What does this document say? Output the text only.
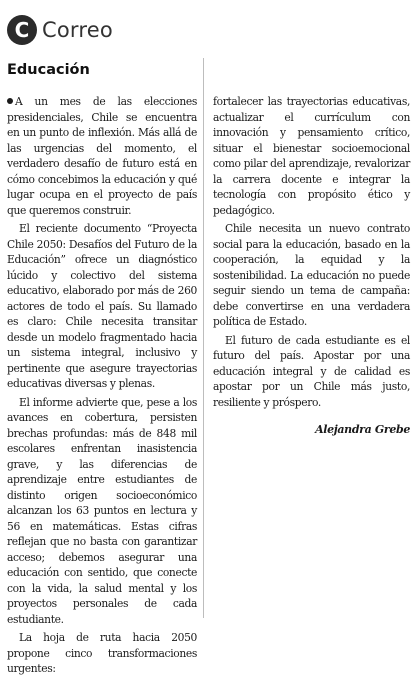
C Correo
Educación

A un mes de las elecciones presidenciales, Chile se encuentra en un punto de inflexión. Más allá de las urgencias del momento, el verdadero desafío de futuro está en cómo concebimos la educación y qué lugar ocupa en el proyecto de país que queremos construir.

El reciente documento “Proyecta Chile 2050: Desafíos del Futuro de la Educación” ofrece un diagnóstico lúcido y colectivo del sistema educativo, elaborado por más de 260 actores de todo el país. Su llamado es claro: Chile necesita transitar desde un modelo fragmentado hacia un sistema integral, inclusivo y pertinente que asegure trayectorias educativas diversas y plenas.

El informe advierte que, pese a los avances en cobertura, persisten brechas profundas: más de 848 mil escolares enfrentan inasistencia grave, y las diferencias de aprendizaje entre estudiantes de distinto origen socioeconómico alcanzan los 63 puntos en lectura y 56 en matemáticas. Estas cifras reflejan que no basta con garantizar acceso; debemos asegurar una educación con sentido, que conecte con la vida, la salud mental y los proyectos personales de cada estudiante.

La hoja de ruta hacia 2050 propone cinco transformaciones urgentes:

fortalecer las trayectorias educativas, actualizar el currículum con innovación y pensamiento crítico, situar el bienestar socioemocional como pilar del aprendizaje, revalorizar la carrera docente e integrar la tecnología con propósito ético y pedagógico.

Chile necesita un nuevo contrato social para la educación, basado en la cooperación, la equidad y la sostenibilidad. La educación no puede seguir siendo un tema de campaña: debe convertirse en una verdadera política de Estado.

El futuro de cada estudiante es el futuro del país. Apostar por una educación integral y de calidad es apostar por un Chile más justo, resiliente y próspero.

Alejandra Grebe
